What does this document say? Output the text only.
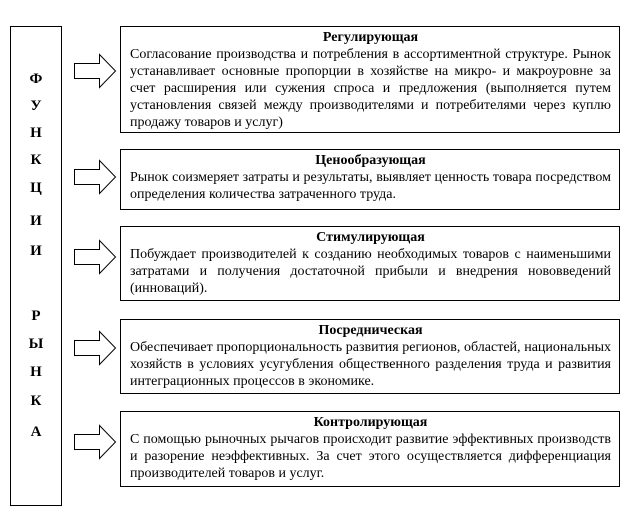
Ф
У
Н
К
Ц
И
И
Р
Ы
Н
К
А
Регулирующая
Согласование производства и потребления в ассортиментной структуре. Рынок устанавливает основные пропорции в хозяйстве на микро- и макроуровне за счет расширения или сужения спроса и предложения (выполняется путем установления связей между производителями и потребителями через куплю продажу товаров и услуг)
Ценообразующая
Рынок соизмеряет затраты и результаты, выявляет ценность товара посредством определения количества затраченного труда.
Стимулирующая
Побуждает производителей к созданию необходимых товаров с наименьшими затратами и получения достаточной прибыли и внедрения нововведений (инноваций).
Посредническая
Обеспечивает пропорциональность развития регионов, областей, национальных хозяйств в условиях усугубления общественного разделения труда и развития интеграционных процессов в экономике.
Контролирующая
С помощью рыночных рычагов происходит развитие эффективных производств и разорение неэффективных. За счет этого осуществляется дифференциация производителей товаров и услуг.
